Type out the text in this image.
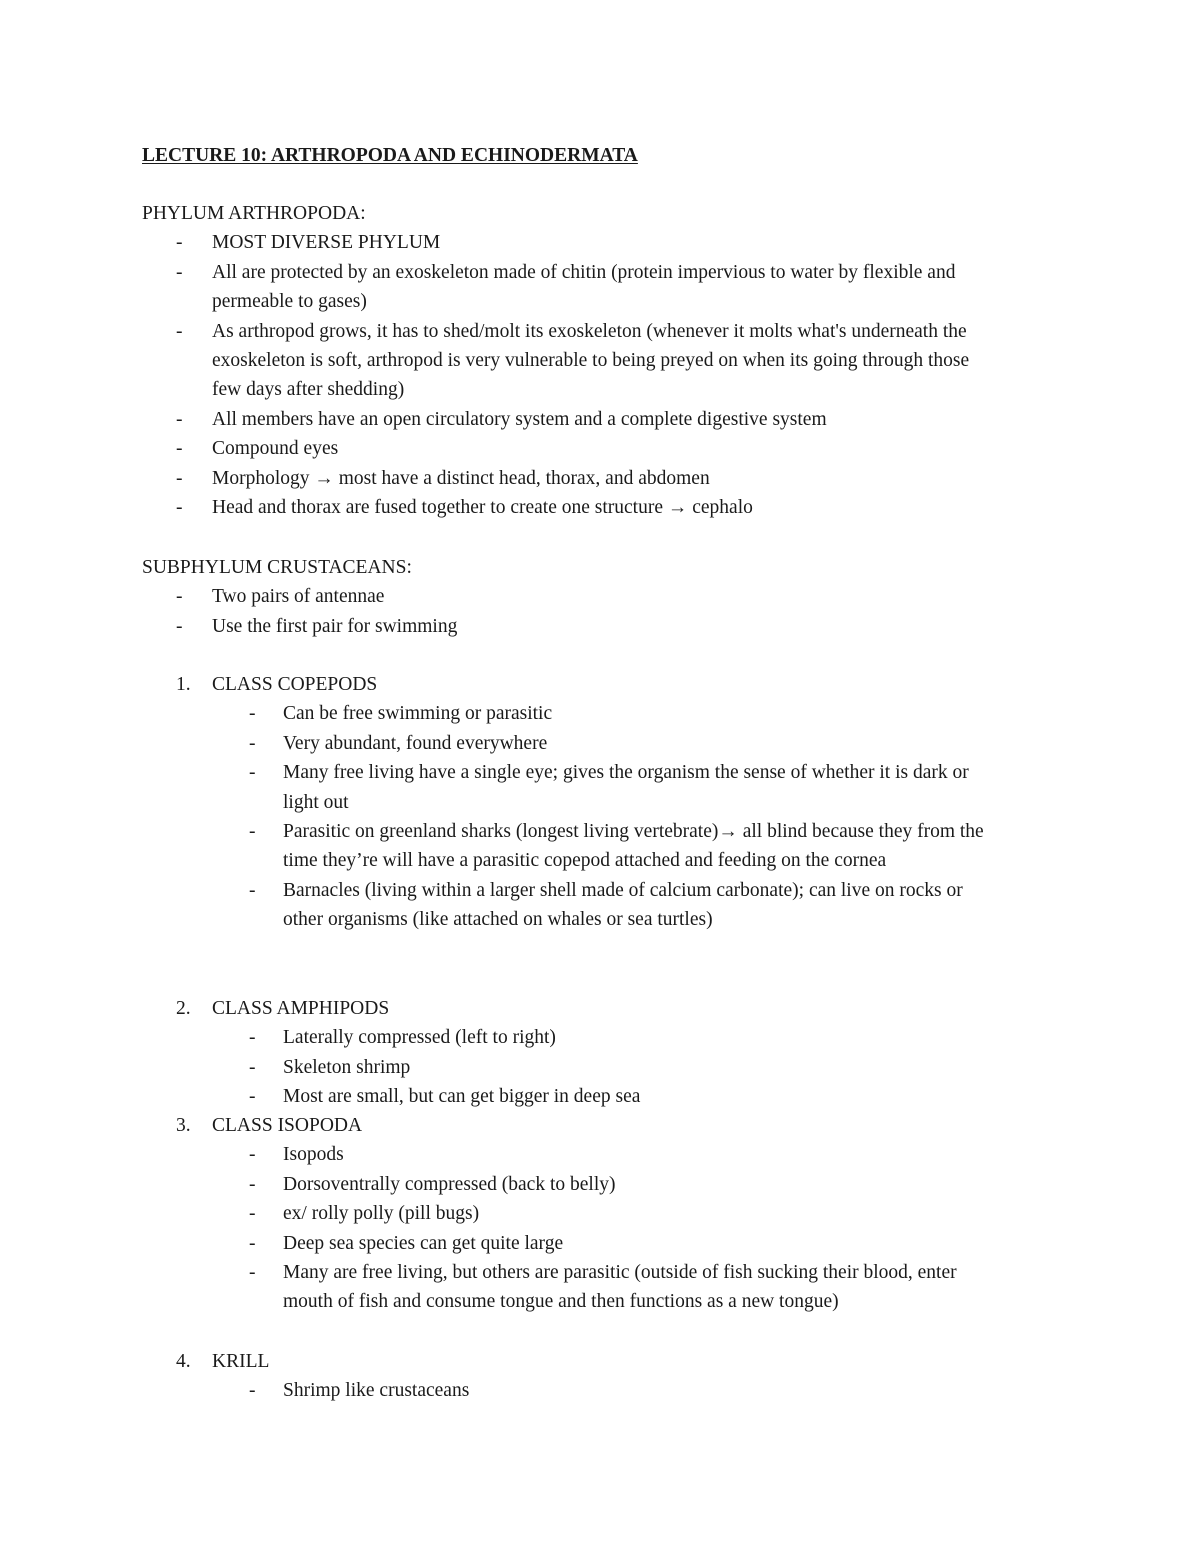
LECTURE 10: ARTHROPODA AND ECHINODERMATA
PHYLUM ARTHROPODA:
- MOST DIVERSE PHYLUM
- All are protected by an exoskeleton made of chitin (protein impervious to water by flexible and
permeable to gases)
- As arthropod grows, it has to shed/molt its exoskeleton (whenever it molts what's underneath the
exoskeleton is soft, arthropod is very vulnerable to being preyed on when its going through those
few days after shedding)
- All members have an open circulatory system and a complete digestive system
- Compound eyes
- Morphology → most have a distinct head, thorax, and abdomen
- Head and thorax are fused together to create one structure → cephalo
SUBPHYLUM CRUSTACEANS:
- Two pairs of antennae
- Use the first pair for swimming
1. CLASS COPEPODS
- Can be free swimming or parasitic
- Very abundant, found everywhere
- Many free living have a single eye; gives the organism the sense of whether it is dark or
light out
- Parasitic on greenland sharks (longest living vertebrate)→ all blind because they from the
time they’re will have a parasitic copepod attached and feeding on the cornea
- Barnacles (living within a larger shell made of calcium carbonate); can live on rocks or
other organisms (like attached on whales or sea turtles)
2. CLASS AMPHIPODS
- Laterally compressed (left to right)
- Skeleton shrimp
- Most are small, but can get bigger in deep sea
3. CLASS ISOPODA
- Isopods
- Dorsoventrally compressed (back to belly)
- ex/ rolly polly (pill bugs)
- Deep sea species can get quite large
- Many are free living, but others are parasitic (outside of fish sucking their blood, enter
mouth of fish and consume tongue and then functions as a new tongue)
4. KRILL
- Shrimp like crustaceans
